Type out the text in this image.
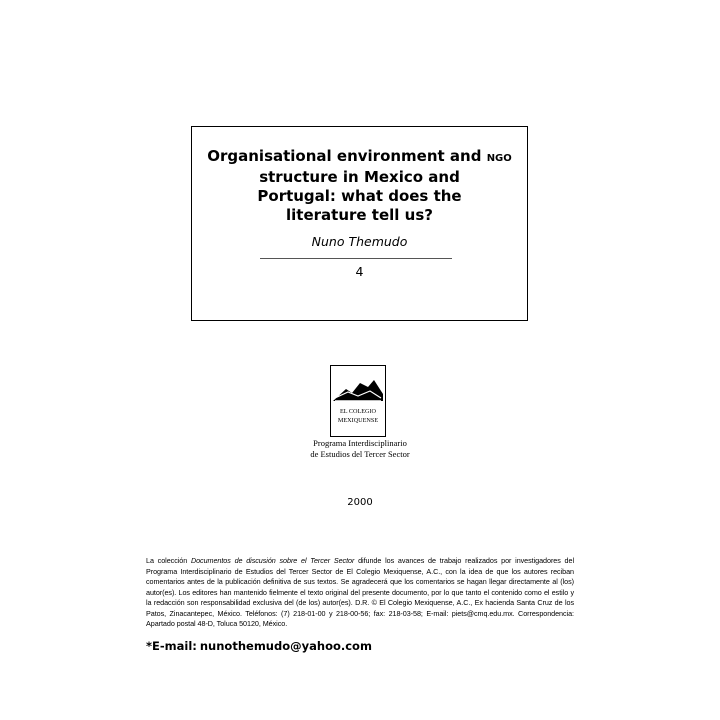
Organisational environment and NGO
structure in Mexico and Portugal: what does the literature tell us?

Nuno Themudo
4
EL COLEGIO
MEXIQUENSE
Programa Interdisciplinario
de Estudios del Tercer Sector
2000
La colección Documentos de discusión sobre el Tercer Sector difunde los avances de trabajo realizados por investigadores del Programa Interdisciplinario de Estudios del Tercer Sector de El Colegio Mexiquense, A.C., con la idea de que los autores reciban comentarios antes de la publicación definitiva de sus textos. Se agradecerá que los comentarios se hagan llegar directamente al (los) autor(es). Los editores han mantenido fielmente el texto original del presente documento, por lo que tanto el contenido como el estilo y la redacción son responsabilidad exclusiva del (de los) autor(es). D.R. © El Colegio Mexiquense, A.C., Ex hacienda Santa Cruz de los Patos, Zinacantepec, México. Teléfonos: (7) 218-01-00 y 218-00-56; fax: 218-03-58; E-mail: piets@cmq.edu.mx. Correspondencia: Apartado postal 48-D, Toluca 50120, México.
*E-mail: nunothemudo@yahoo.com
